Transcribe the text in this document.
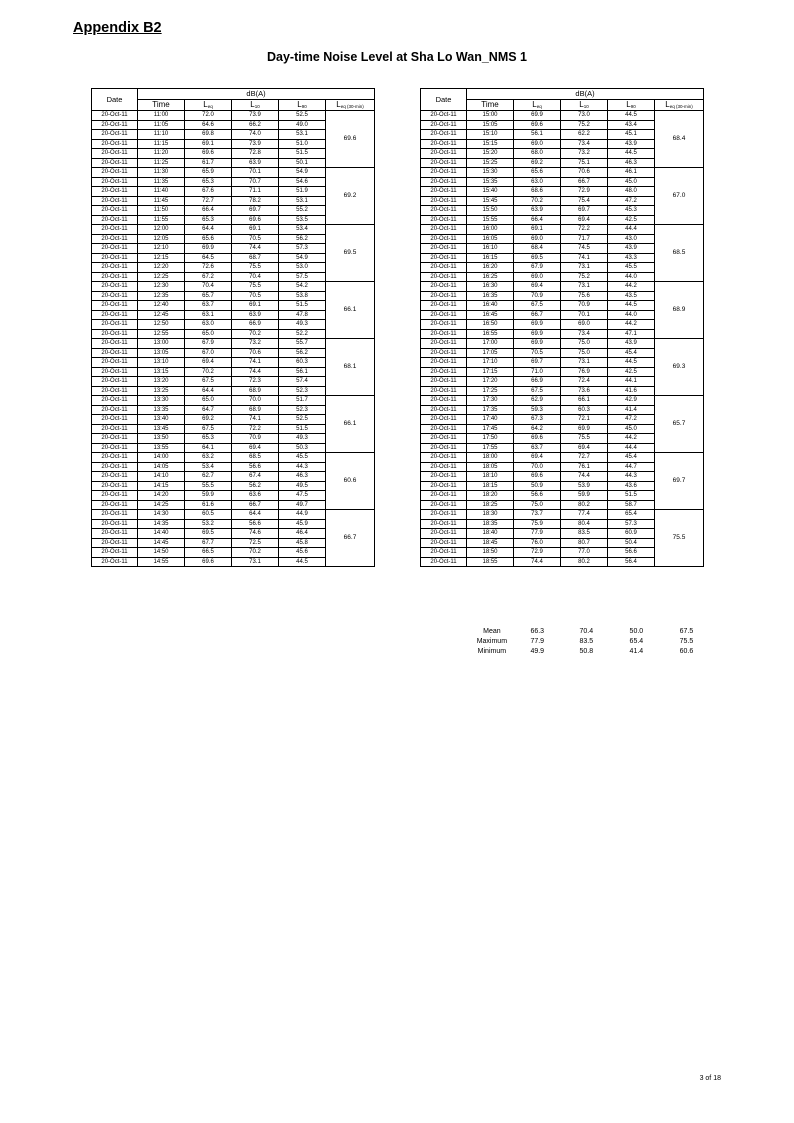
Appendix B2
Day-time Noise Level at Sha Lo Wan_NMS 1
Date	dB(A)				
	Time	$L_{eq}$	$L_{10}$	$L_{90}$	$L_{eq (30-min)}$
20-Oct-11	11:00	72.0	73.9	52.5	69.6
20-Oct-11	11:05	64.6	66.2	49.0	
20-Oct-11	11:10	69.8	74.0	53.1	
20-Oct-11	11:15	69.1	73.9	51.0	
20-Oct-11	11:20	69.6	72.8	51.5	
20-Oct-11	11:25	61.7	63.9	50.1	
20-Oct-11	11:30	65.9	70.1	54.9	69.2
20-Oct-11	11:35	65.3	70.7	54.6	
20-Oct-11	11:40	67.6	71.1	51.9	
20-Oct-11	11:45	72.7	78.2	53.1	
20-Oct-11	11:50	66.4	69.7	55.2	
20-Oct-11	11:55	65.3	69.6	53.5	
20-Oct-11	12:00	64.4	69.1	53.4	69.5
20-Oct-11	12:05	65.6	70.5	56.2	
20-Oct-11	12:10	69.9	74.4	57.3	
20-Oct-11	12:15	64.5	68.7	54.9	
20-Oct-11	12:20	72.6	75.5	53.0	
20-Oct-11	12:25	67.2	70.4	57.5	
20-Oct-11	12:30	70.4	75.5	54.2	66.1
20-Oct-11	12:35	65.7	70.5	53.8	
20-Oct-11	12:40	63.7	69.1	51.5	
20-Oct-11	12:45	63.1	63.9	47.8	
20-Oct-11	12:50	63.0	66.9	49.3	
20-Oct-11	12:55	65.0	70.2	52.2	
20-Oct-11	13:00	67.9	73.2	55.7	68.1
20-Oct-11	13:05	67.0	70.6	56.2	
20-Oct-11	13:10	69.4	74.1	60.3	
20-Oct-11	13:15	70.2	74.4	56.1	
20-Oct-11	13:20	67.5	72.3	57.4	
20-Oct-11	13:25	64.4	68.9	52.3	
20-Oct-11	13:30	65.0	70.0	51.7	66.1
20-Oct-11	13:35	64.7	68.9	52.3	
20-Oct-11	13:40	69.2	74.1	52.5	
20-Oct-11	13:45	67.5	72.2	51.5	
20-Oct-11	13:50	65.3	70.9	49.3	
20-Oct-11	13:55	64.1	69.4	50.3	
20-Oct-11	14:00	63.2	68.5	45.5	60.6
20-Oct-11	14:05	53.4	56.6	44.3	
20-Oct-11	14:10	62.7	67.4	46.3	
20-Oct-11	14:15	55.5	56.2	49.5	
20-Oct-11	14:20	59.9	63.6	47.5	
20-Oct-11	14:25	61.6	66.7	49.7	
20-Oct-11	14:30	60.5	64.4	44.9	66.7
20-Oct-11	14:35	53.2	56.6	45.9	
20-Oct-11	14:40	69.5	74.6	46.4	
20-Oct-11	14:45	67.7	72.5	45.8	
20-Oct-11	14:50	66.5	70.2	45.6	
20-Oct-11	14:55	69.6	73.1	44.5	
Date	dB(A)				
	Time	$L_{eq}$	$L_{10}$	$L_{90}$	$L_{eq (30-min)}$
20-Oct-11	15:00	69.9	73.0	44.5	68.4
20-Oct-11	15:05	69.6	75.2	43.4	
20-Oct-11	15:10	56.1	62.2	45.1	
20-Oct-11	15:15	69.0	73.4	43.9	
20-Oct-11	15:20	68.0	73.2	44.5	
20-Oct-11	15:25	69.2	75.1	46.3	
20-Oct-11	15:30	65.6	70.6	46.1	67.0
20-Oct-11	15:35	63.0	66.7	45.0	
20-Oct-11	15:40	68.6	72.9	48.0	
20-Oct-11	15:45	70.2	75.4	47.2	
20-Oct-11	15:50	63.9	69.7	45.3	
20-Oct-11	15:55	66.4	69.4	42.5	
20-Oct-11	16:00	69.1	72.2	44.4	68.5
20-Oct-11	16:05	69.0	71.7	43.0	
20-Oct-11	16:10	68.4	74.5	43.9	
20-Oct-11	16:15	69.5	74.1	43.3	
20-Oct-11	16:20	67.9	73.1	45.5	
20-Oct-11	16:25	69.0	75.2	44.0	
20-Oct-11	16:30	69.4	73.1	44.2	68.9
20-Oct-11	16:35	70.9	75.6	43.5	
20-Oct-11	16:40	67.5	70.9	44.5	
20-Oct-11	16:45	66.7	70.1	44.0	
20-Oct-11	16:50	69.9	69.0	44.2	
20-Oct-11	16:55	69.9	73.4	47.1	
20-Oct-11	17:00	69.9	75.0	43.9	69.3
20-Oct-11	17:05	70.5	75.0	45.4	
20-Oct-11	17:10	69.7	73.1	44.5	
20-Oct-11	17:15	71.0	76.9	42.5	
20-Oct-11	17:20	66.9	72.4	44.1	
20-Oct-11	17:25	67.5	73.6	41.6	
20-Oct-11	17:30	62.9	66.1	42.9	65.7
20-Oct-11	17:35	59.3	60.3	41.4	
20-Oct-11	17:40	67.3	72.1	47.2	
20-Oct-11	17:45	64.2	69.9	45.0	
20-Oct-11	17:50	69.6	75.5	44.2	
20-Oct-11	17:55	63.7	69.4	44.4	
20-Oct-11	18:00	69.4	72.7	45.4	69.7
20-Oct-11	18:05	70.0	76.1	44.7	
20-Oct-11	18:10	69.6	74.4	44.3	
20-Oct-11	18:15	50.9	53.9	43.6	
20-Oct-11	18:20	56.6	59.9	51.5	
20-Oct-11	18:25	75.0	80.2	58.7	
20-Oct-11	18:30	73.7	77.4	65.4	75.5
20-Oct-11	18:35	75.9	80.4	57.3	
20-Oct-11	18:40	77.9	83.5	60.9	
20-Oct-11	18:45	76.0	80.7	50.4	
20-Oct-11	18:50	72.9	77.0	56.6	
20-Oct-11	18:55	74.4	80.2	56.4	
Mean	66.3	70.4	50.0	67.5
Maximum	77.9	83.5	65.4	75.5
Minimum	49.9	50.8	41.4	60.6
3 of 18
